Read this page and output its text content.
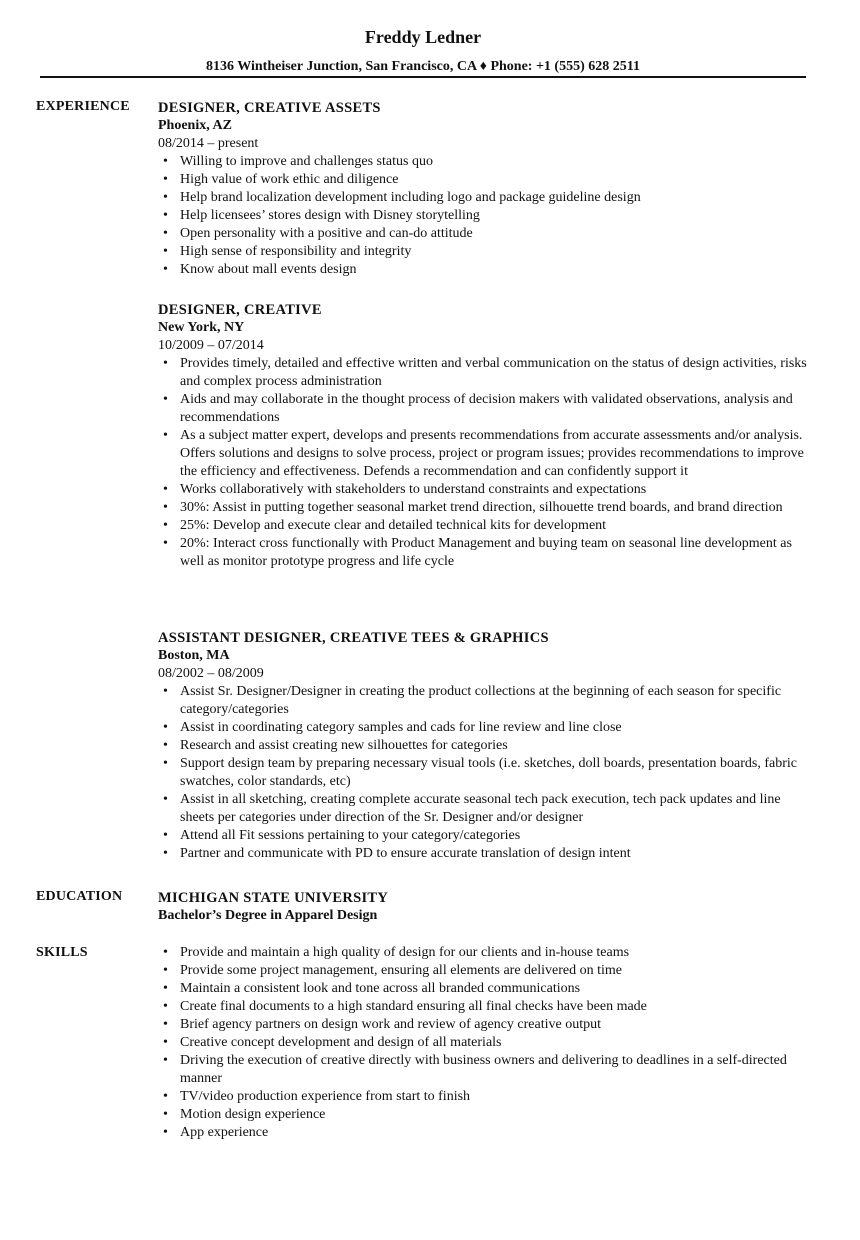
Freddy Ledner
8136 Wintheiser Junction, San Francisco, CA ♦ Phone: +1 (555) 628 2511
EXPERIENCE DESIGNER, CREATIVE ASSETS
Phoenix, AZ
08/2014 – present
• Willing to improve and challenges status quo
• High value of work ethic and diligence
• Help brand localization development including logo and package guideline design
• Help licensees’ stores design with Disney storytelling
• Open personality with a positive and can-do attitude
• High sense of responsibility and integrity
• Know about mall events design
DESIGNER, CREATIVE
New York, NY
10/2009 – 07/2014
• Provides timely, detailed and effective written and verbal communication on the status of design activities, risks and complex process administration
• Aids and may collaborate in the thought process of decision makers with validated observations, analysis and recommendations
• As a subject matter expert, develops and presents recommendations from accurate assessments and/or analysis. Offers solutions and designs to solve process, project or program issues; provides recommendations to improve the efficiency and effectiveness. Defends a recommendation and can confidently support it
• Works collaboratively with stakeholders to understand constraints and expectations
• 30%: Assist in putting together seasonal market trend direction, silhouette trend boards, and brand direction
• 25%: Develop and execute clear and detailed technical kits for development
• 20%: Interact cross functionally with Product Management and buying team on seasonal line development as well as monitor prototype progress and life cycle
ASSISTANT DESIGNER, CREATIVE TEES & GRAPHICS
Boston, MA
08/2002 – 08/2009
• Assist Sr. Designer/Designer in creating the product collections at the beginning of each season for specific category/categories
• Assist in coordinating category samples and cads for line review and line close
• Research and assist creating new silhouettes for categories
• Support design team by preparing necessary visual tools (i.e. sketches, doll boards, presentation boards, fabric swatches, color standards, etc)
• Assist in all sketching, creating complete accurate seasonal tech pack execution, tech pack updates and line sheets per categories under direction of the Sr. Designer and/or designer
• Attend all Fit sessions pertaining to your category/categories
• Partner and communicate with PD to ensure accurate translation of design intent
EDUCATION MICHIGAN STATE UNIVERSITY
Bachelor’s Degree in Apparel Design
SKILLS
•	Provide and maintain a high quality of design for our clients and in-house teams
• Provide some project management, ensuring all elements are delivered on time
• Maintain a consistent look and tone across all branded communications
• Create final documents to a high standard ensuring all final checks have been made
• Brief agency partners on design work and review of agency creative output
• Creative concept development and design of all materials
• Driving the execution of creative directly with business owners and delivering to deadlines in a self-directed manner
• TV/video production experience from start to finish
• Motion design experience
• App experience
